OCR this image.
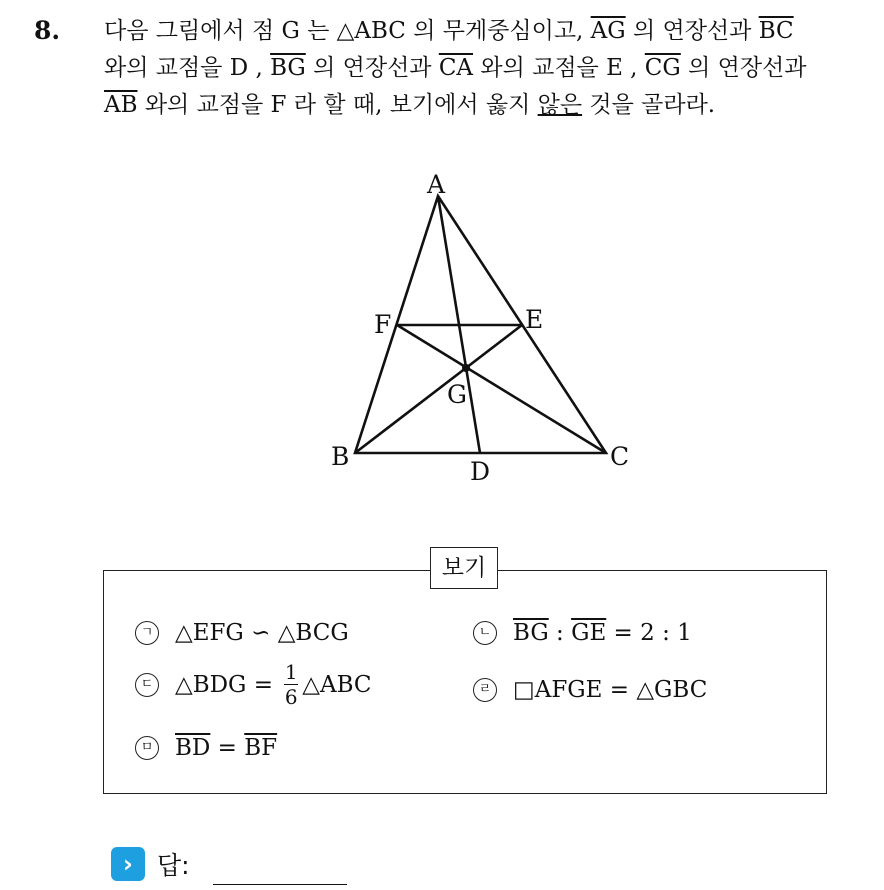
8. 다음 그림에서 점 G 는 △ABC 의 무게중심이고, $\overline{AG}$ 의 연장선과 $\overline{BC}$
와의 교점을 D , $\overline{BG}$ 의 연장선과 $\overline{CA}$ 와의 교점을 E , $\overline{CG}$ 의 연장선과
$\overline{AB}$ 와의 교점을 F 라 할 때, 보기에서 옳지 않은 것을 골라라.
A
B	C
D
E
F
G
보기
ㄱ △EFG ∽ △BCG	ㄴ $\overline{BG}$ : $\overline{GE} = 2$ : 1
ㄷ △BDG = $\frac{1}{6}$ △ABC	ㄹ □AFGE = △GBC
ㅁ $\overline{BD} = \overline{BF}$
› 답:
